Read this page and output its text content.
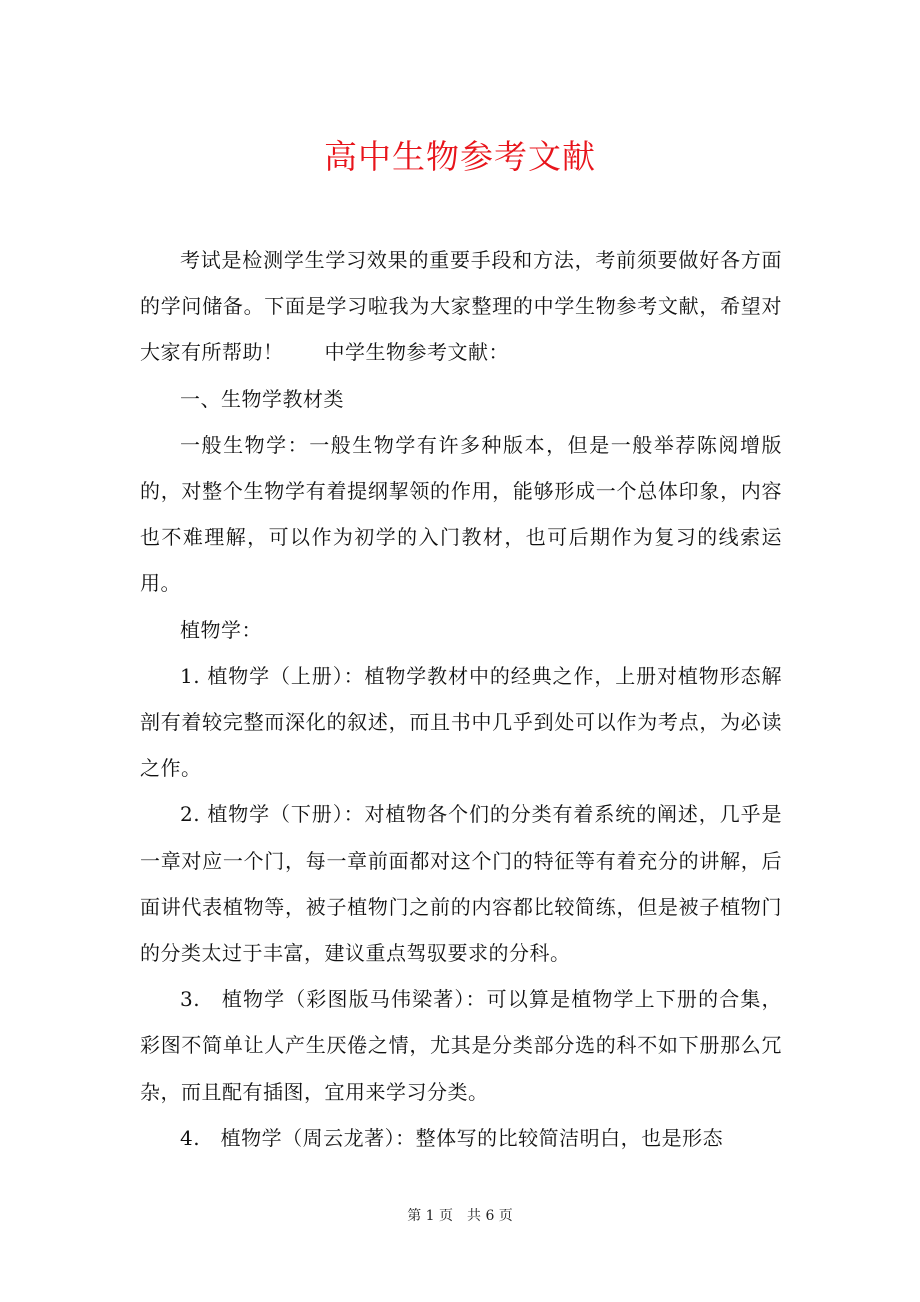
高中生物参考文献

考试是检测学生学习效果的重要手段和方法，考前须要做好各方面的学问储备。下面是学习啦我为大家整理的中学生物参考文献，希望对大家有所帮助！　　中学生物参考文献：

一、生物学教材类

一般生物学：一般生物学有许多种版本，但是一般举荐陈阅增版的，对整个生物学有着提纲挈领的作用，能够形成一个总体印象，内容也不难理解，可以作为初学的入门教材，也可后期作为复习的线索运用。

植物学：

1. 植物学（上册）：植物学教材中的经典之作，上册对植物形态解剖有着较完整而深化的叙述，而且书中几乎到处可以作为考点，为必读之作。

2. 植物学（下册）：对植物各个们的分类有着系统的阐述，几乎是一章对应一个门，每一章前面都对这个门的特征等有着充分的讲解，后面讲代表植物等，被子植物门之前的内容都比较简练，但是被子植物门的分类太过于丰富，建议重点驾驭要求的分科。

3.　植物学（彩图版马伟梁著）：可以算是植物学上下册的合集，彩图不简单让人产生厌倦之情，尤其是分类部分选的科不如下册那么冗杂，而且配有插图，宜用来学习分类。

4.　植物学（周云龙著）：整体写的比较简洁明白，也是形态

第 1 页　共 6 页
